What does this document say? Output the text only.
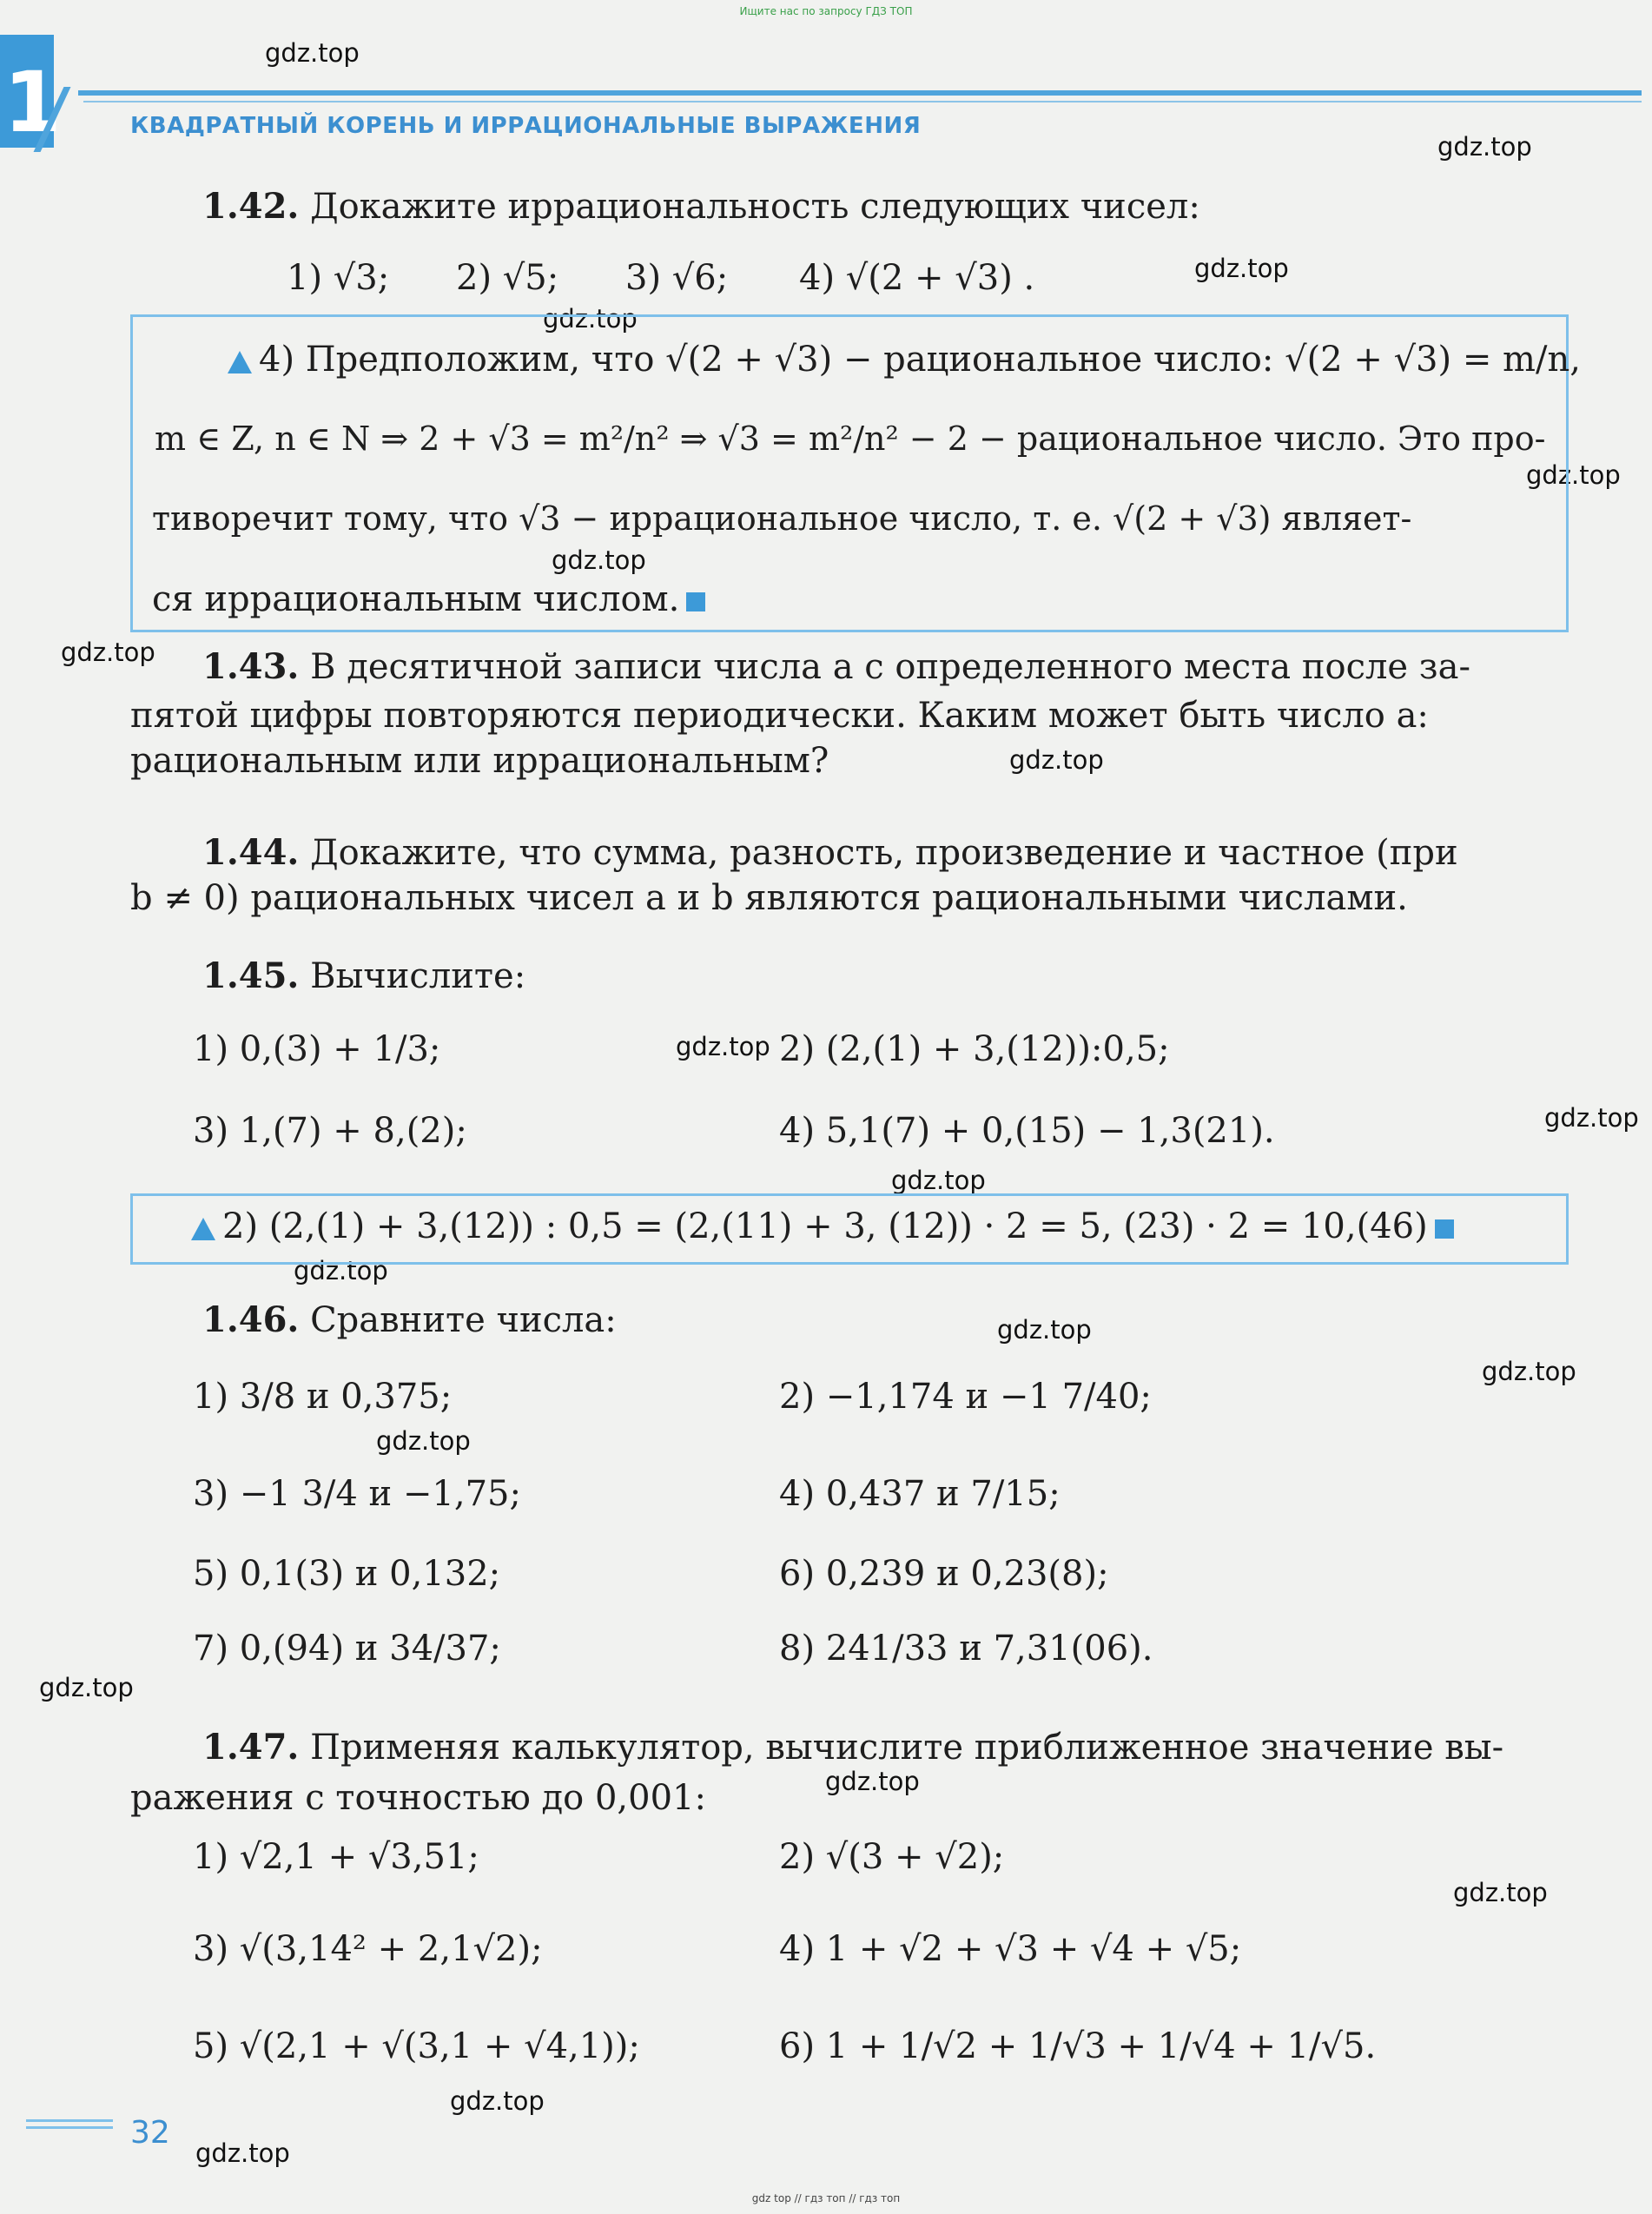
Ищите нас по запросу ГДЗ ТОП
1	КВАДРАТНЫЙ КОРЕНЬ И ИРРАЦИОНАЛЬНЫЕ ВЫРАЖЕНИЯ
gdz.top
gdz.top
gdz.top
gdz.top
gdz.top
gdz.top
gdz.top
gdz.top
gdz.top
gdz.top
gdz.top
gdz.top
gdz.top
gdz.top
gdz.top
gdz.top
gdz.top
gdz.top
gdz.top
gdz.top
1.42. Докажите иррациональность следующих чисел:
1) √3; 2) √5; 3) √6; 4) √(2 + √3) .
4) Предположим, что √(2 + √3) − рациональное число: √(2 + √3) = m/n,
m ∈ Z, n ∈ N ⇒ 2 + √3 = m²/n² ⇒ √3 = m²/n² − 2 − рациональное число. Это про-
тиворечит тому, что √3 − иррациональное число, т. е. √(2 + √3) являет-
ся иррациональным числом.
1.43. В десятичной записи числа a с определенного места после за-
пятой цифры повторяются периодически. Каким может быть число a:
рациональным или иррациональным?
1.44. Докажите, что сумма, разность, произведение и частное (при
b ≠ 0) рациональных чисел a и b являются рациональными числами.
1.45. Вычислите:
1) 0,(3) + 1/3;	2) (2,(1) + 3,(12)):0,5;
3) 1,(7) + 8,(2);	4) 5,1(7) + 0,(15) − 1,3(21).
2) (2,(1) + 3,(12)) : 0,5 = (2,(11) + 3, (12)) · 2 = 5, (23) · 2 = 10,(46)
1.46. Сравните числа:
1) 3/8 и 0,375;	2) −1,174 и −1 7/40;
3) −1 3/4 и −1,75;	4) 0,437 и 7/15;
5) 0,1(3) и 0,132;	6) 0,239 и 0,23(8);
7) 0,(94) и 34/37;	8) 241/33 и 7,31(06).
1.47. Применяя калькулятор, вычислите приближенное значение вы-
ражения с точностью до 0,001:
1) √2,1 + √3,51;	2) √(3 + √2);
3) √(3,14² + 2,1√2);	4) 1 + √2 + √3 + √4 + √5;
5) √(2,1 + √(3,1 + √4,1));	6) 1 + 1/√2 + 1/√3 + 1/√4 + 1/√5.
32
gdz top // гдз топ // гдз топ
